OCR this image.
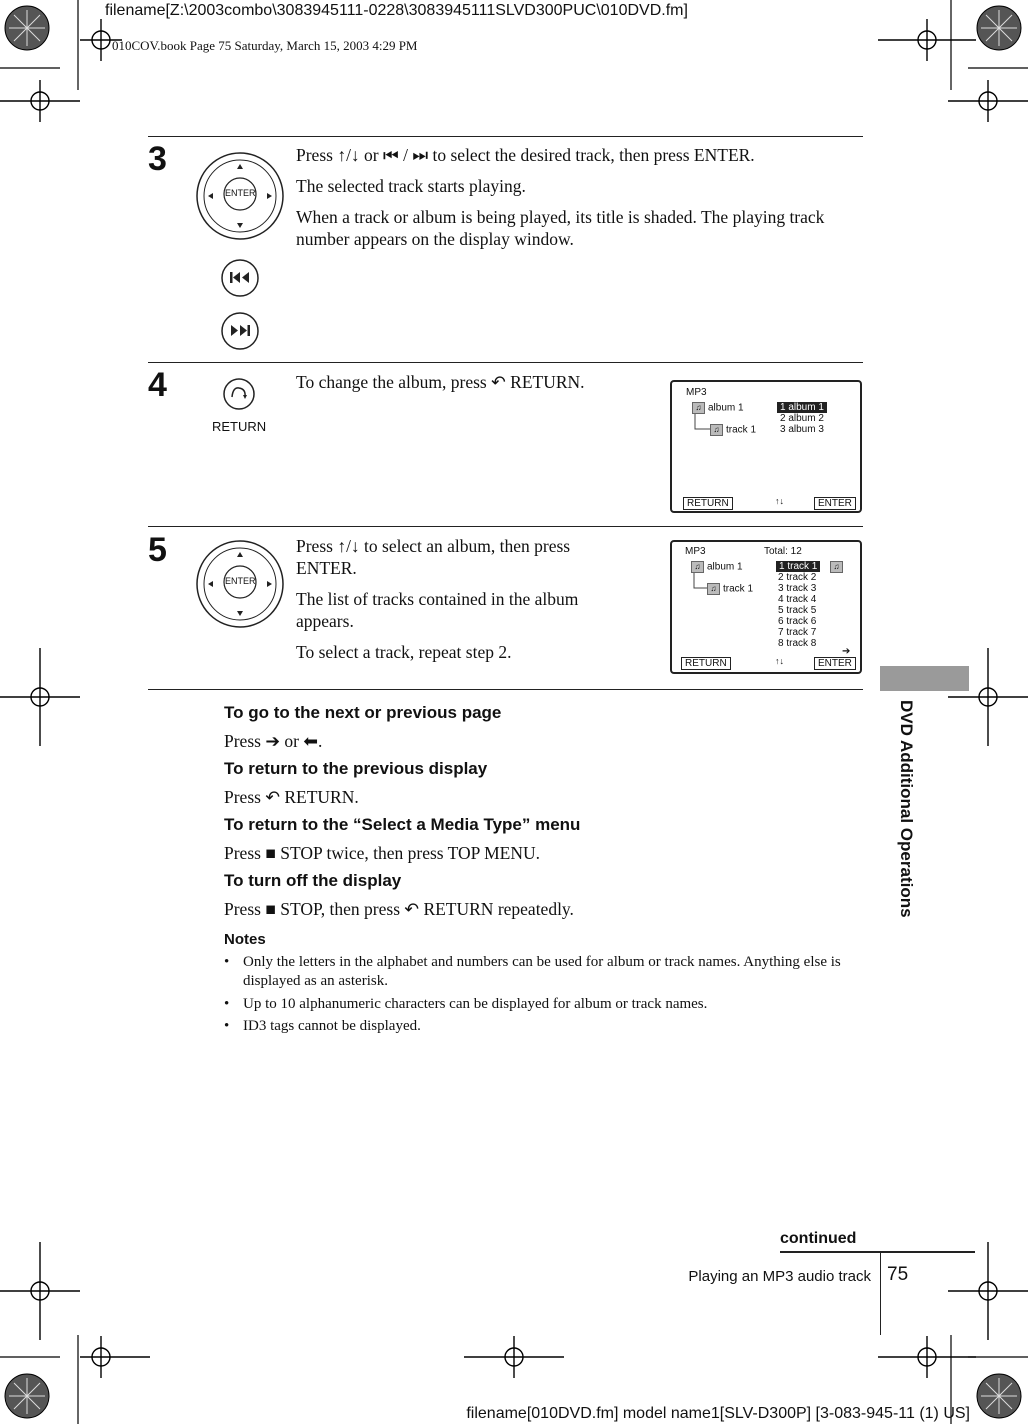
filename[Z:\2003combo\3083945111-0228\3083945111SLVD300PUC\010DVD.fm]
010COV.book Page 75 Saturday, March 15, 2003 4:29 PM
DVD Additional Operations
3
ENTER

Press ↑/↓ or ⏮ / ⏭ to select the desired track, then press ENTER.

The selected track starts playing.

When a track or album is being played, its title is shaded. The playing track number appears on the display window.

4
RETURN

To change the album, press ↶ RETURN.

MP3
♫ album 1
♫ track 1
1 album 1
2 album 2
3 album 3
RETURN	↑↓	ENTER
5
ENTER

Press ↑/↓ to select an album, then press ENTER.

The list of tracks contained in the album appears.

To select a track, repeat step 2.

MP3	Total: 12
♫ album 1
♫ track 1
1 track 1	♫
2 track 2
3 track 3
4 track 4
5 track 5
6 track 6
7 track 7
8 track 8
➔
RETURN	↑↓	ENTER
To go to the next or previous page
Press ➔ or ⬅.
To return to the previous display
Press ↶ RETURN.
To return to the “Select a Media Type” menu
Press ■ STOP twice, then press TOP MENU.
To turn off the display
Press ■ STOP, then press ↶ RETURN repeatedly.
Notes
• Only the letters in the alphabet and numbers can be used for album or track names. Anything else is displayed as an asterisk.
• Up to 10 alphanumeric characters can be displayed for album or track names.
• ID3 tags cannot be displayed.
continued
Playing an MP3 audio track 75
filename[010DVD.fm] model name1[SLV-D300P] [3-083-945-11 (1) US]
